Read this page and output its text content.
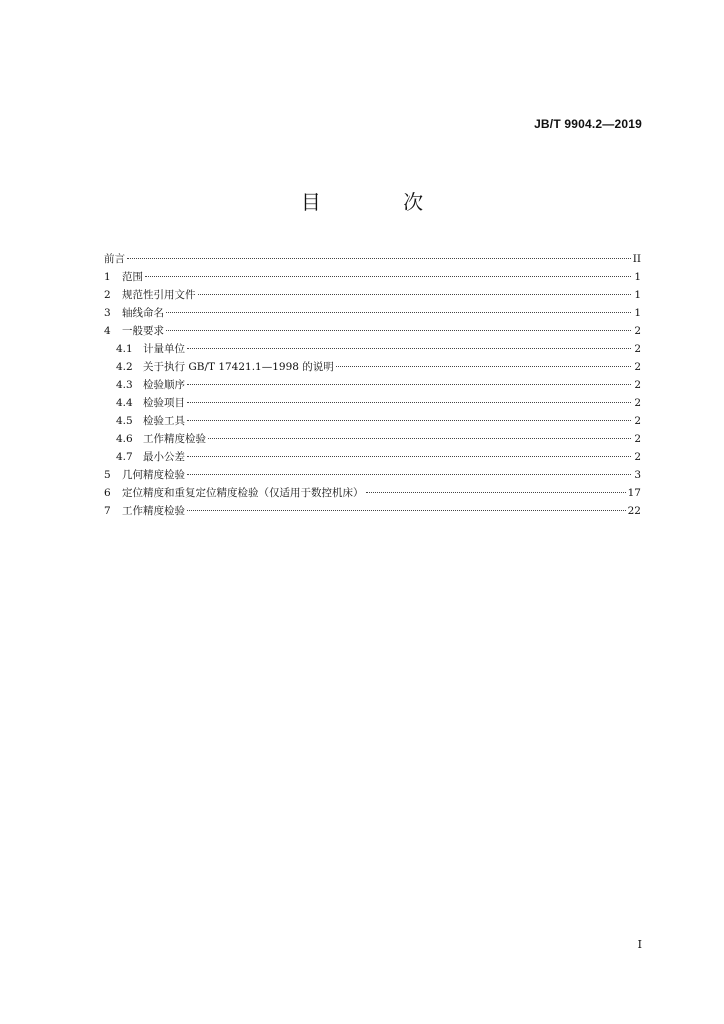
JB/T 9904.2—2019
目 次
前言	II
1	范围	1
2	规范性引用文件	1
3	轴线命名	1
4	一般要求	2
4.1 计量单位	2
4.2 关于执行 GB/T 17421.1—1998 的说明	2
4.3 检验顺序	2
4.4 检验项目	2
4.5 检验工具	2
4.6 工作精度检验	2
4.7 最小公差	2
5	几何精度检验	3
6	定位精度和重复定位精度检验（仅适用于数控机床）	17
7	工作精度检验	22
I
